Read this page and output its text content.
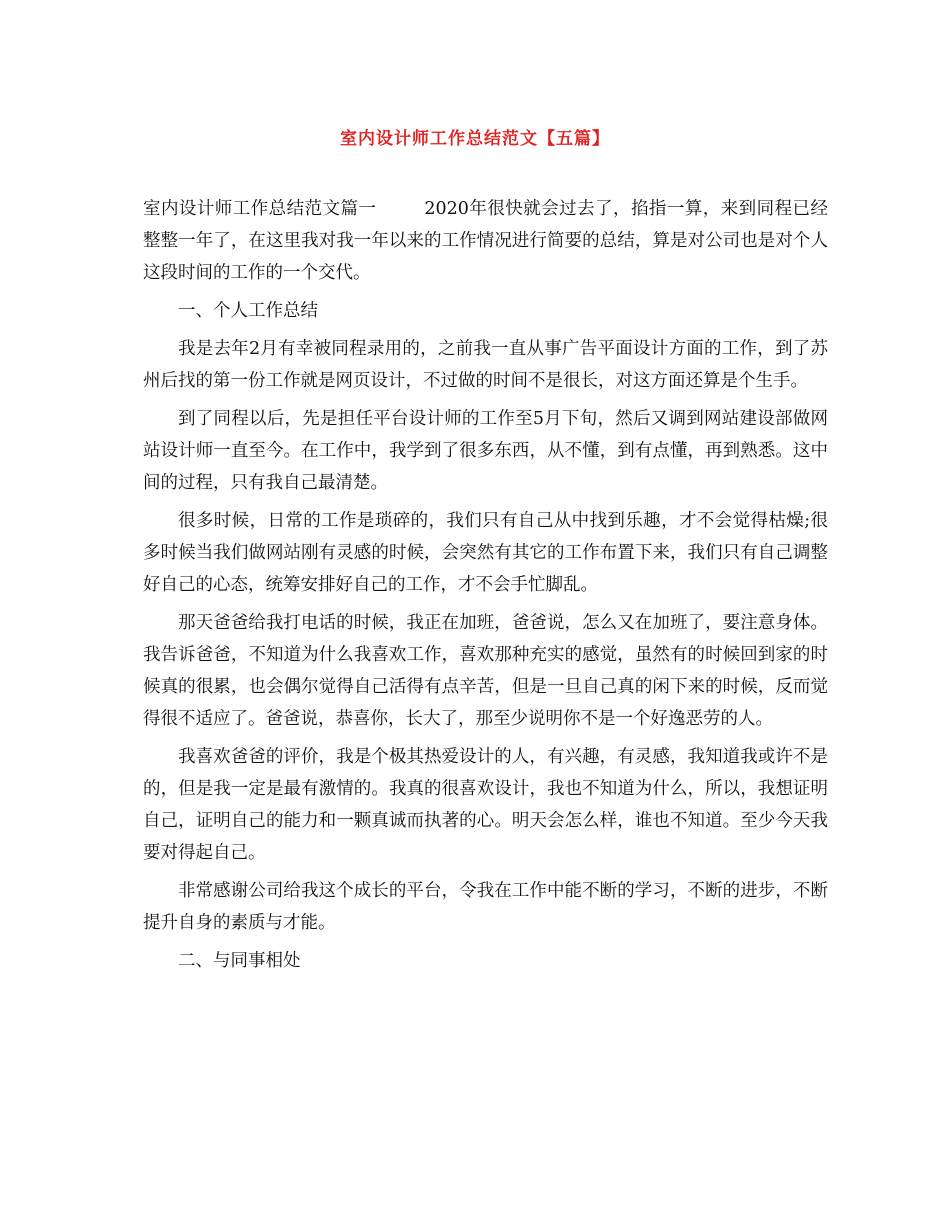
室内设计师工作总结范文【五篇】

室内设计师工作总结范文篇一	2020年很快就会过去了，掐指一算，来到同程已经整整一年了，在这里我对我一年以来的工作情况进行简要的总结，算是对公司也是对个人这段时间的工作的一个交代。

一、个人工作总结

我是去年2月有幸被同程录用的，之前我一直从事广告平面设计方面的工作，到了苏州后找的第一份工作就是网页设计，不过做的时间不是很长，对这方面还算是个生手。

到了同程以后，先是担任平台设计师的工作至5月下旬，然后又调到网站建设部做网站设计师一直至今。在工作中，我学到了很多东西，从不懂，到有点懂，再到熟悉。这中间的过程，只有我自己最清楚。

很多时候，日常的工作是琐碎的，我们只有自己从中找到乐趣，才不会觉得枯燥;很多时候当我们做网站刚有灵感的时候，会突然有其它的工作布置下来，我们只有自己调整好自己的心态，统筹安排好自己的工作，才不会手忙脚乱。

那天爸爸给我打电话的时候，我正在加班，爸爸说，怎么又在加班了，要注意身体。我告诉爸爸，不知道为什么我喜欢工作，喜欢那种充实的感觉，虽然有的时候回到家的时候真的很累，也会偶尔觉得自己活得有点辛苦，但是一旦自己真的闲下来的时候，反而觉得很不适应了。爸爸说，恭喜你，长大了，那至少说明你不是一个好逸恶劳的人。

我喜欢爸爸的评价，我是个极其热爱设计的人，有兴趣，有灵感，我知道我或许不是的，但是我一定是最有激情的。我真的很喜欢设计，我也不知道为什么，所以，我想证明自己，证明自己的能力和一颗真诚而执著的心。明天会怎么样，谁也不知道。至少今天我要对得起自己。

非常感谢公司给我这个成长的平台，令我在工作中能不断的学习，不断的进步，不断提升自身的素质与才能。

二、与同事相处
